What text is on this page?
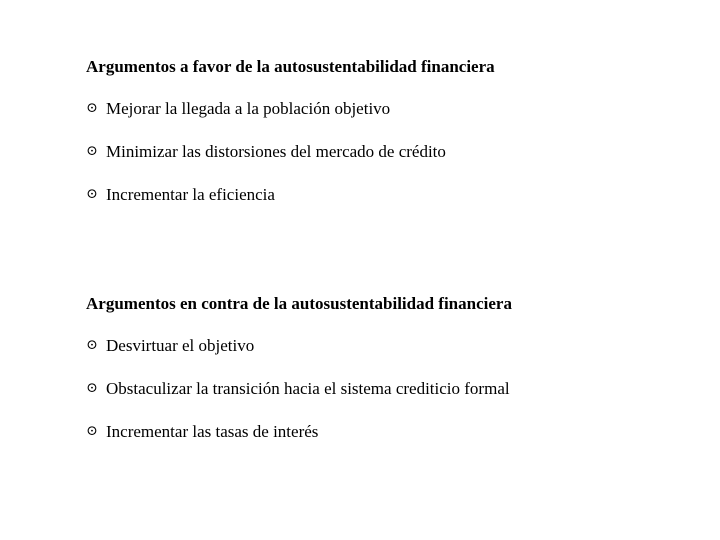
Argumentos a favor de la autosustentabilidad financiera

⊙ Mejorar la llegada a la población objetivo
⊙ Minimizar las distorsiones del mercado de crédito
⊙ Incrementar la eficiencia

Argumentos en contra de la autosustentabilidad financiera

⊙ Desvirtuar el objetivo
⊙ Obstaculizar la transición hacia el sistema crediticio formal
⊙ Incrementar las tasas de interés
